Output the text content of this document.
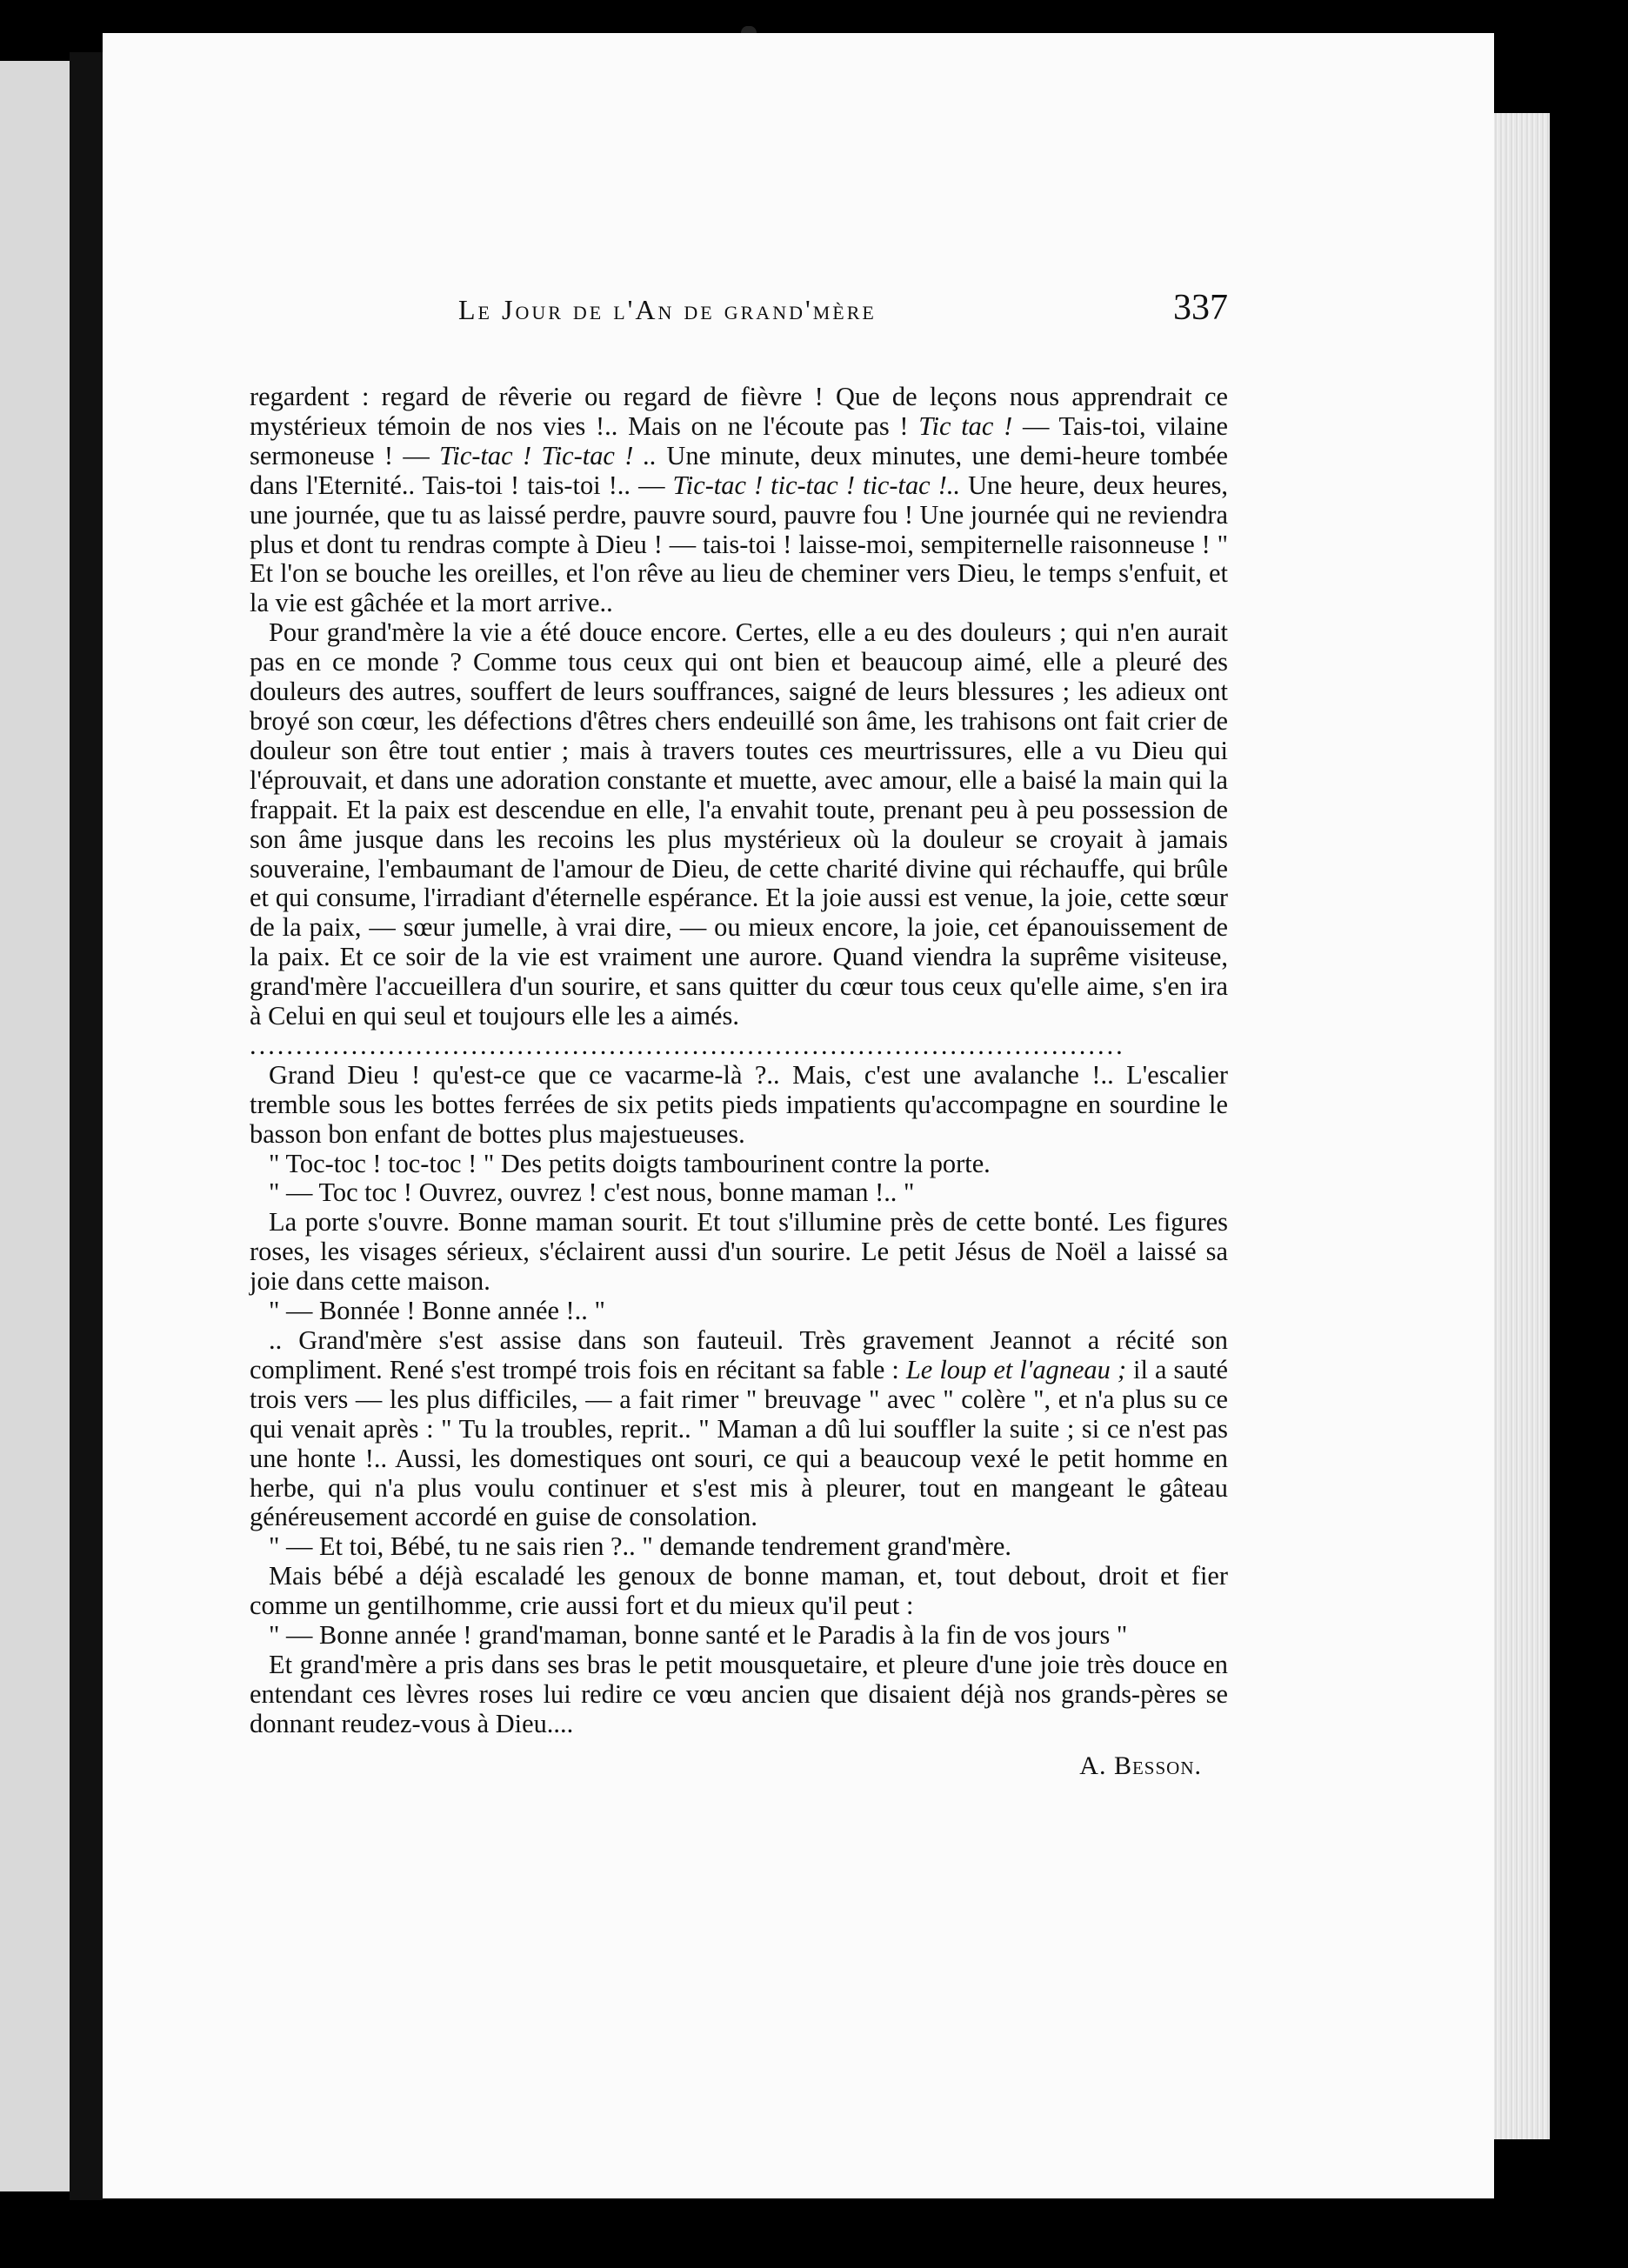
Le Jour de l'An de grand'mère	337

regardent : regard de rêverie ou regard de fièvre ! Que de leçons nous apprendrait ce mystérieux témoin de nos vies !.. Mais on ne l'écoute pas ! Tic tac ! — Tais-toi, vilaine sermoneuse ! — Tic-tac ! Tic-tac ! .. Une minute, deux minutes, une demi-heure tombée dans l'Eternité.. Tais-toi ! tais-toi !.. — Tic-tac ! tic-tac ! tic-tac !.. Une heure, deux heures, une journée, que tu as laissé perdre, pauvre sourd, pauvre fou ! Une journée qui ne reviendra plus et dont tu rendras compte à Dieu ! — tais-toi ! laisse-moi, sempiternelle raisonneuse ! " Et l'on se bouche les oreilles, et l'on rêve au lieu de cheminer vers Dieu, le temps s'enfuit, et la vie est gâchée et la mort arrive..

Pour grand'mère la vie a été douce encore. Certes, elle a eu des douleurs ; qui n'en aurait pas en ce monde ? Comme tous ceux qui ont bien et beaucoup aimé, elle a pleuré des douleurs des autres, souffert de leurs souffrances, saigné de leurs blessures ; les adieux ont broyé son cœur, les défections d'êtres chers endeuillé son âme, les trahisons ont fait crier de douleur son être tout entier ; mais à travers toutes ces meurtrissures, elle a vu Dieu qui l'éprouvait, et dans une adoration constante et muette, avec amour, elle a baisé la main qui la frappait. Et la paix est descendue en elle, l'a envahit toute, prenant peu à peu possession de son âme jusque dans les recoins les plus mystérieux où la douleur se croyait à jamais souveraine, l'embaumant de l'amour de Dieu, de cette charité divine qui réchauffe, qui brûle et qui consume, l'irradiant d'éternelle espérance. Et la joie aussi est venue, la joie, cette sœur de la paix, — sœur jumelle, à vrai dire, — ou mieux encore, la joie, cet épanouissement de la paix. Et ce soir de la vie est vraiment une aurore. Quand viendra la suprême visiteuse, grand'mère l'accueillera d'un sourire, et sans quitter du cœur tous ceux qu'elle aime, s'en ira à Celui en qui seul et toujours elle les a aimés.

...............................................................................................

Grand Dieu ! qu'est-ce que ce vacarme-là ?.. Mais, c'est une avalanche !.. L'escalier tremble sous les bottes ferrées de six petits pieds impatients qu'accompagne en sourdine le basson bon enfant de bottes plus majestueuses.

" Toc-toc ! toc-toc ! " Des petits doigts tambourinent contre la porte.

" — Toc toc ! Ouvrez, ouvrez ! c'est nous, bonne maman !.. "

La porte s'ouvre. Bonne maman sourit. Et tout s'illumine près de cette bonté. Les figures roses, les visages sérieux, s'éclairent aussi d'un sourire. Le petit Jésus de Noël a laissé sa joie dans cette maison.

" — Bonnée ! Bonne année !.. "

.. Grand'mère s'est assise dans son fauteuil. Très gravement Jeannot a récité son compliment. René s'est trompé trois fois en récitant sa fable : Le loup et l'agneau ; il a sauté trois vers — les plus difficiles, — a fait rimer " breuvage " avec " colère ", et n'a plus su ce qui venait après : " Tu la troubles, reprit.. " Maman a dû lui souffler la suite ; si ce n'est pas une honte !.. Aussi, les domestiques ont souri, ce qui a beaucoup vexé le petit homme en herbe, qui n'a plus voulu continuer et s'est mis à pleurer, tout en mangeant le gâteau généreusement accordé en guise de consolation.

" — Et toi, Bébé, tu ne sais rien ?.. " demande tendrement grand'mère.

Mais bébé a déjà escaladé les genoux de bonne maman, et, tout debout, droit et fier comme un gentilhomme, crie aussi fort et du mieux qu'il peut :

" — Bonne année ! grand'maman, bonne santé et le Paradis à la fin de vos jours "

Et grand'mère a pris dans ses bras le petit mousquetaire, et pleure d'une joie très douce en entendant ces lèvres roses lui redire ce vœu ancien que disaient déjà nos grands-pères se donnant reudez-vous à Dieu....

A. Besson.
